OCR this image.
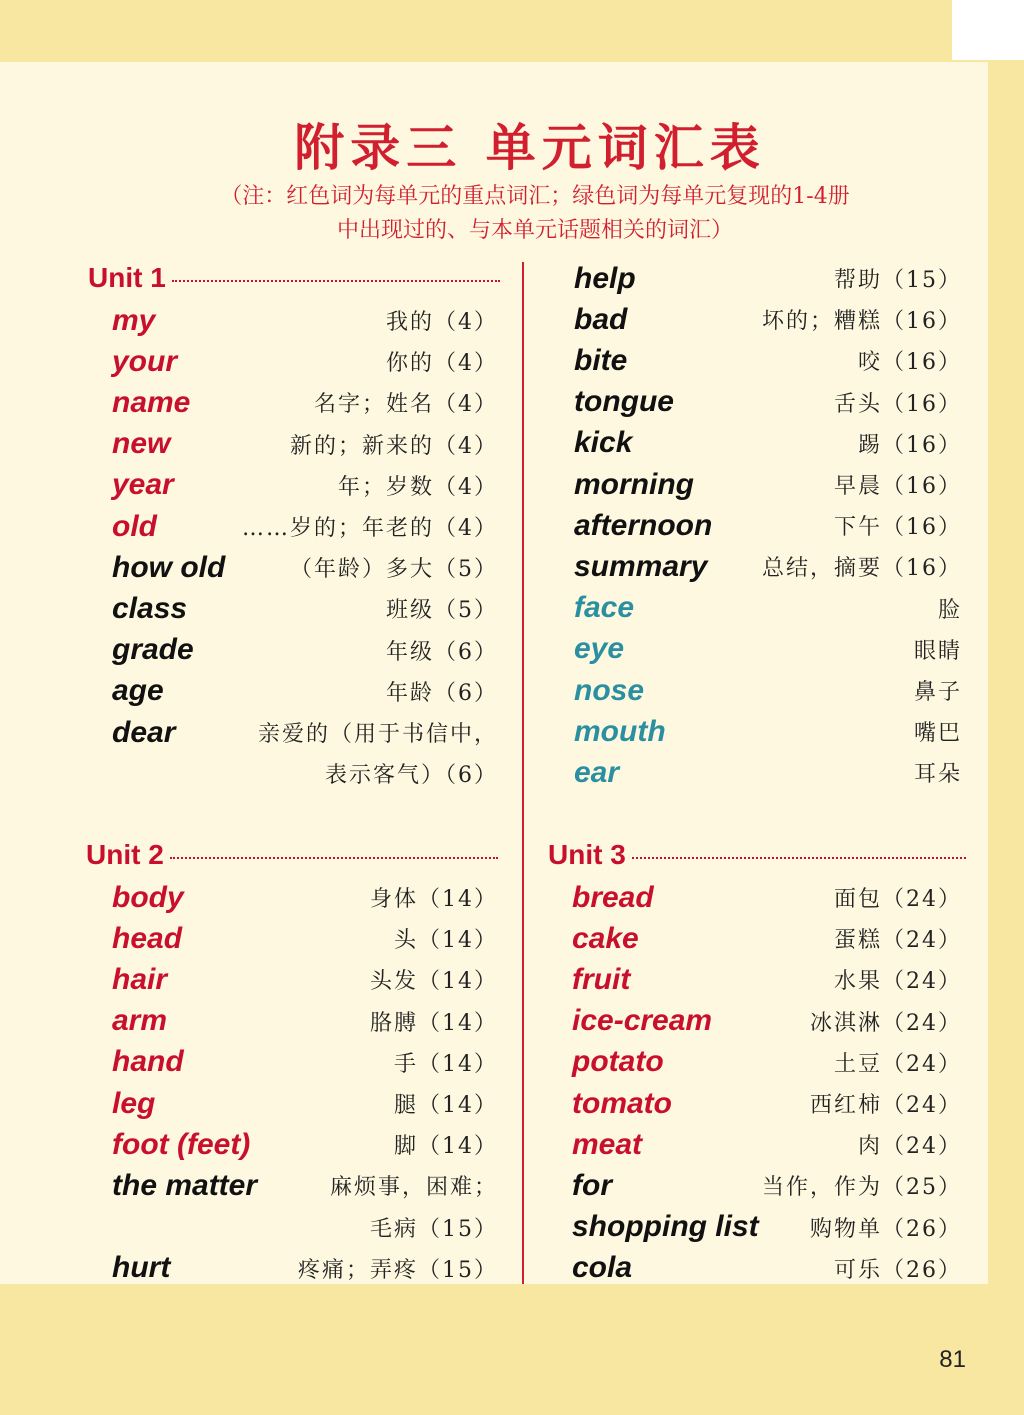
附录三 单元词汇表
（注：红色词为每单元的重点词汇；绿色词为每单元复现的1-4册
中出现过的、与本单元话题相关的词汇）
Unit 1
Unit 2	Unit 3
my	我的（4）
your	你的（4）
name	名字；姓名（4）
new	新的；新来的（4）
year	年；岁数（4）
old	……岁的；年老的（4）
how old	（年龄）多大（5）
class	班级（5）
grade	年级（6）
age	年龄（6）
dear	亲爱的（用于书信中，
表示客气）（6）
help	帮助（15）
bad	坏的；糟糕（16）
bite	咬（16）
tongue	舌头（16）
kick	踢（16）
morning	早晨（16）
afternoon	下午（16）
summary 总结，摘要（16）
face	脸
eye	眼睛
nose	鼻子
mouth	嘴巴
ear	耳朵
body	身体（14）
head	头（14）
hair	头发（14）
arm	胳膊（14）
hand	手（14）
leg	腿（14）
foot (feet)	脚（14）
the matter	麻烦事，困难；
毛病（15）
hurt	疼痛；弄疼（15）
bread	面包（24）
cake	蛋糕（24）
fruit	水果（24）
ice-cream	冰淇淋（24）
potato	土豆（24）
tomato	西红柿（24）
meat	肉（24）
for	当作，作为（25）
shopping list 购物单（26）
cola	可乐（26）
81
